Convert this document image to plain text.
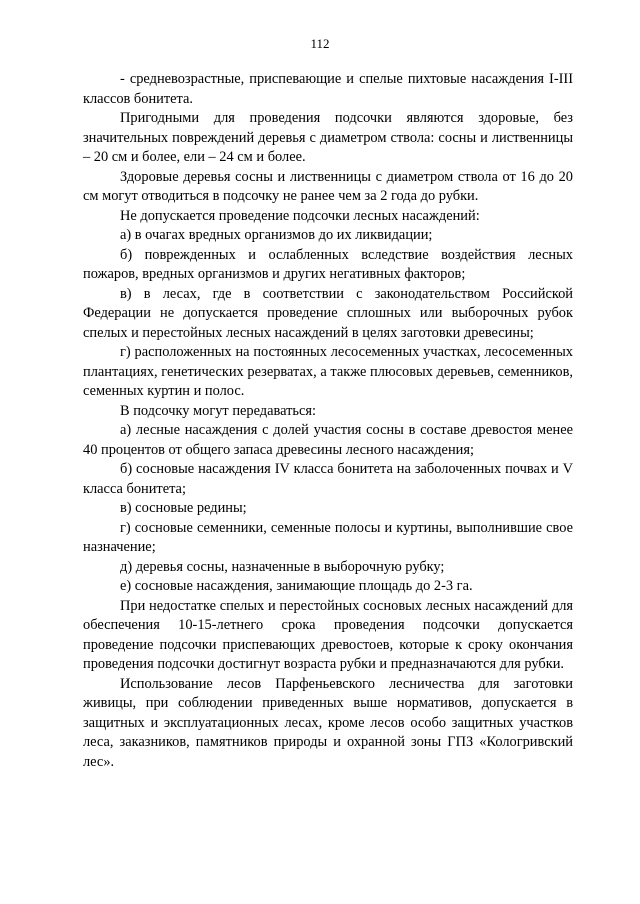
112

- средневозрастные, приспевающие и спелые пихтовые насаждения I-III классов бонитета.

Пригодными для проведения подсочки являются здоровые, без значительных повреждений деревья с диаметром ствола: сосны и лиственницы – 20 см и более, ели – 24 см и более.

Здоровые деревья сосны и лиственницы с диаметром ствола от 16 до 20 см могут отводиться в подсочку не ранее чем за 2 года до рубки.

Не допускается проведение подсочки лесных насаждений:

а) в очагах вредных организмов до их ликвидации;

б) поврежденных и ослабленных вследствие воздействия лесных пожаров, вредных организмов и других негативных факторов;

в) в лесах, где в соответствии с законодательством Российской Федерации не допускается проведение сплошных или выборочных рубок спелых и перестойных лесных насаждений в целях заготовки древесины;

г) расположенных на постоянных лесосеменных участках, лесосеменных плантациях, генетических резерватах, а также плюсовых деревьев, семенников, семенных куртин и полос.

В подсочку могут передаваться:

а) лесные насаждения с долей участия сосны в составе древостоя менее 40 процентов от общего запаса древесины лесного насаждения;

б) сосновые насаждения IV класса бонитета на заболоченных почвах и V класса бонитета;

в) сосновые редины;

г) сосновые семенники, семенные полосы и куртины, выполнившие свое назначение;

д) деревья сосны, назначенные в выборочную рубку;

е) сосновые насаждения, занимающие площадь до 2-3 га.

При недостатке спелых и перестойных сосновых лесных насаждений для обеспечения 10-15-летнего срока проведения подсочки допускается проведение подсочки приспевающих древостоев, которые к сроку окончания проведения подсочки достигнут возраста рубки и предназначаются для рубки.

Использование лесов Парфеньевского лесничества для заготовки живицы, при соблюдении приведенных выше нормативов, допускается в защитных и эксплуатационных лесах, кроме лесов особо защитных участков леса, заказников, памятников природы и охранной зоны ГПЗ «Кологривский лес».
